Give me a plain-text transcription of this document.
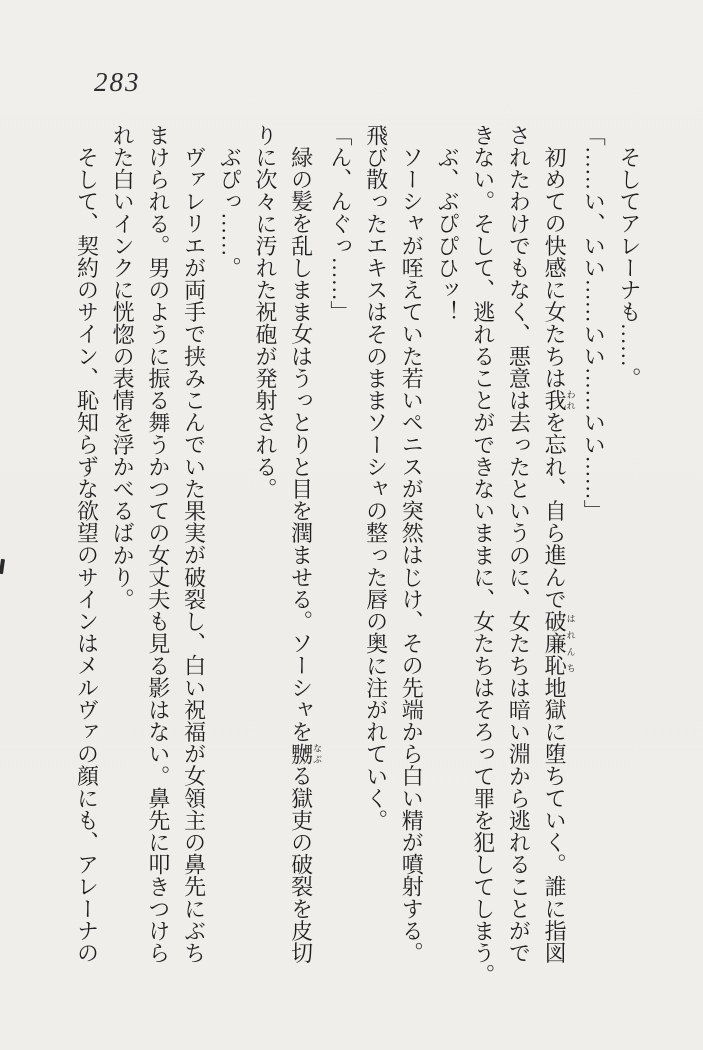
283

そしてアレーナも……。

「……い、いい……いい……いい……」

初めての快感に女たちは我われを忘れ、自ら進んで破廉恥はれんち地獄に堕ちていく。誰に指図

されたわけでもなく、悪意は去ったというのに、女たちは暗い淵から逃れることがで

きない。そして、逃れることができないままに、女たちはそろって罪を犯してしまう。

ぶ、ぶぴぴひッ！

ソーシャが咥えていた若いペニスが突然はじけ、その先端から白い精が噴射する。

飛び散ったエキスはそのままソーシャの整った唇の奥に注がれていく。

「ん、んぐっ……」

緑の髪を乱しまま女はうっとりと目を潤ませる。ソーシャを嬲なぶる獄吏の破裂を皮切

りに次々に汚れた祝砲が発射される。

ぶぴっ……。

ヴァレリエが両手で挟みこんでいた果実が破裂し、白い祝福が女領主の鼻先にぶち

まけられる。男のように振る舞うかつての女丈夫も見る影はない。鼻先に叩きつけら

れた白いインクに恍惚の表情を浮かべるばかり。

そして、契約のサイン、恥知らずな欲望のサインはメルヴァの顔にも、アレーナの
